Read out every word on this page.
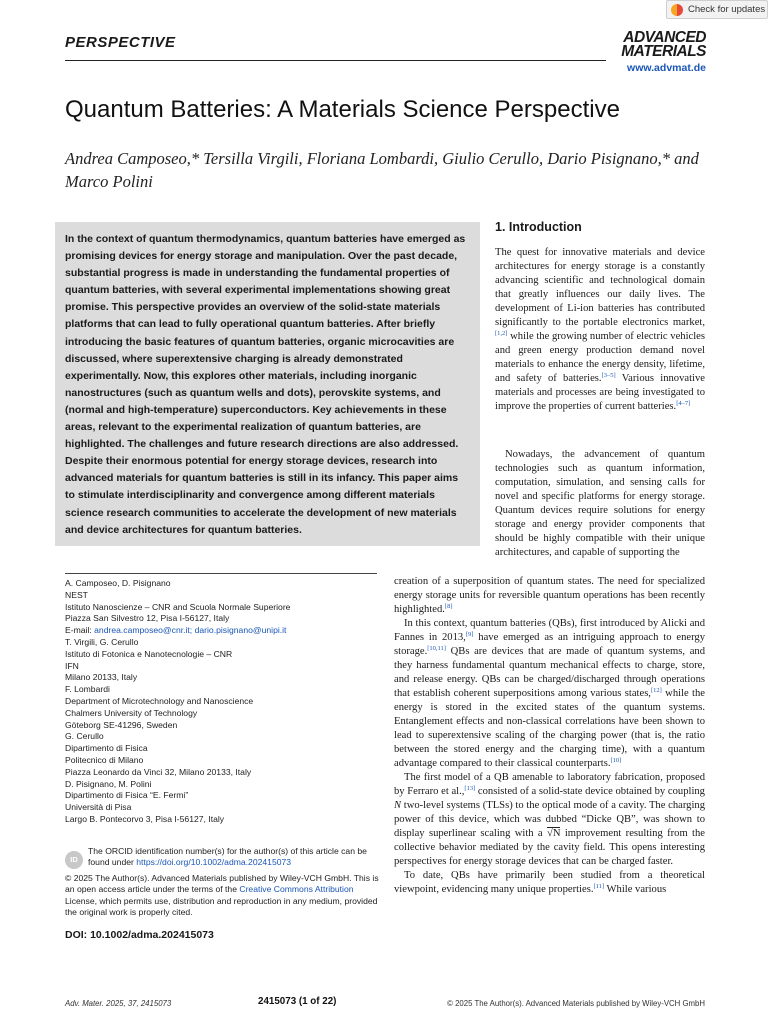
Check for updates
PERSPECTIVE	ADVANCED
MATERIALS
www.advmat.de
Quantum Batteries: A Materials Science Perspective
Andrea Camposeo,* Tersilla Virgili, Floriana Lombardi, Giulio Cerullo, Dario Pisignano,* and Marco Polini
In the context of quantum thermodynamics, quantum batteries have emerged as promising devices for energy storage and manipulation. Over the past decade, substantial progress is made in understanding the fundamental properties of quantum batteries, with several experimental implementations showing great promise. This perspective provides an overview of the solid-state materials platforms that can lead to fully operational quantum batteries. After briefly introducing the basic features of quantum batteries, organic microcavities are discussed, where superextensive charging is already demonstrated experimentally. Now, this explores other materials, including inorganic nanostructures (such as quantum wells and dots), perovskite systems, and (normal and high-temperature) superconductors. Key achievements in these areas, relevant to the experimental realization of quantum batteries, are highlighted. The challenges and future research directions are also addressed. Despite their enormous potential for energy storage devices, research into advanced materials for quantum batteries is still in its infancy. This paper aims to stimulate interdisciplinarity and convergence among different materials science research communities to accelerate the development of new materials and device architectures for quantum batteries.
1. Introduction
The quest for innovative materials and device architectures for energy storage is a constantly advancing scientific and technological domain that greatly influences our daily lives. The development of Li-ion batteries has contributed significantly to the portable electronics market,[1,2] while the growing number of electric vehicles and green energy production demand novel materials to enhance the energy density, lifetime, and safety of batteries.[3–5] Various innovative materials and processes are being investigated to improve the properties of current batteries.[4–7]
Nowadays, the advancement of quantum technologies such as quantum information, computation, simulation, and sensing calls for novel and specific platforms for energy storage. Quantum devices require solutions for energy storage and energy provider components that should be highly compatible with their unique architectures, and capable of supporting the

creation of a superposition of quantum states. The need for specialized energy storage units for reversible quantum operations has been recently highlighted.[8]

In this context, quantum batteries (QBs), first introduced by Alicki and Fannes in 2013,[9] have emerged as an intriguing approach to energy storage.[10,11] QBs are devices that are made of quantum systems, and they harness fundamental quantum mechanical effects to charge, store, and release energy. QBs can be charged/discharged through operations that establish coherent superpositions among various states,[12] while the energy is stored in the excited states of the quantum systems. Entanglement effects and non-classical correlations have been shown to lead to superextensive scaling of the charging power (that is, the ratio between the stored energy and the charging time), with a quantum advantage compared to their classical counterparts.[10]

The first model of a QB amenable to laboratory fabrication, proposed by Ferraro et al.,[13] consisted of a solid-state device obtained by coupling N two-level systems (TLSs) to the optical mode of a cavity. The charging power of this device, which was dubbed “Dicke QB”, was shown to display superlinear scaling with a √N improvement resulting from the collective behavior mediated by the cavity field. This opens interesting perspectives for energy storage devices that can be charged faster.

To date, QBs have primarily been studied from a theoretical viewpoint, evidencing many unique properties.[11] While various

A. Camposeo, D. Pisignano
NEST
Istituto Nanoscienze – CNR and Scuola Normale Superiore
Piazza San Silvestro 12, Pisa I-56127, Italy
E-mail: andrea.camposeo@cnr.it; dario.pisignano@unipi.it
T. Virgili, G. Cerullo
Istituto di Fotonica e Nanotecnologie – CNR
IFN
Milano 20133, Italy
F. Lombardi
Department of Microtechnology and Nanoscience
Chalmers University of Technology
Göteborg SE-41296, Sweden
G. Cerullo
Dipartimento di Fisica
Politecnico di Milano
Piazza Leonardo da Vinci 32, Milano 20133, Italy
D. Pisignano, M. Polini
Dipartimento di Fisica “E. Fermi”
Università di Pisa
Largo B. Pontecorvo 3, Pisa I-56127, Italy
ID
The ORCID identification number(s) for the author(s) of this article can be found under https://doi.org/10.1002/adma.202415073
© 2025 The Author(s). Advanced Materials published by Wiley-VCH GmbH. This is an open access article under the terms of the Creative Commons Attribution License, which permits use, distribution and reproduction in any medium, provided the original work is properly cited.
DOI: 10.1002/adma.202415073
Adv. Mater. 2025, 37, 2415073	2415073 (1 of 22)	© 2025 The Author(s). Advanced Materials published by Wiley-VCH GmbH
